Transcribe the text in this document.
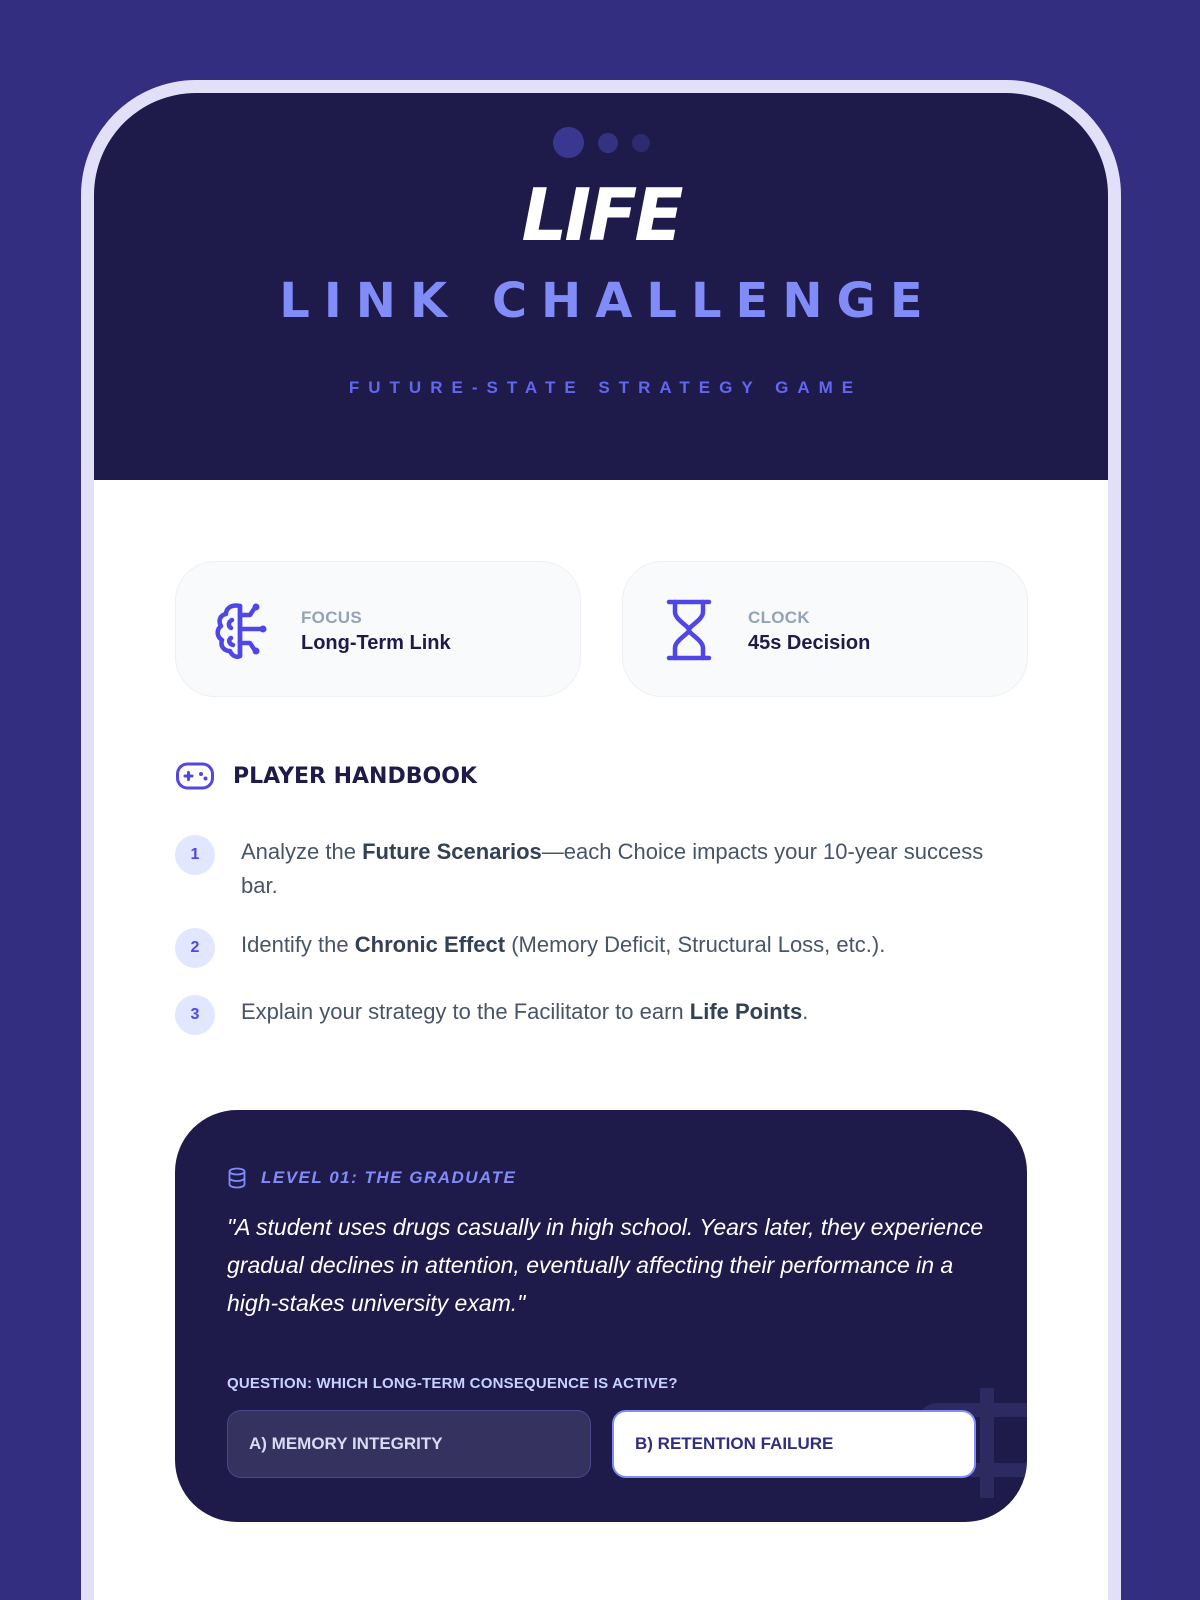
LIFE
LINK CHALLENGE
FUTURE-STATE STRATEGY GAME
FOCUS
Long-Term Link
CLOCK
45s Decision
PLAYER HANDBOOK
1	Analyze the Future Scenarios—each Choice impacts your 10-year success bar.
2	Identify the Chronic Effect (Memory Deficit, Structural Loss, etc.).
3	Explain your strategy to the Facilitator to earn Life Points.
LEVEL 01: THE GRADUATE
"A student uses drugs casually in high school. Years later, they experience gradual declines in attention, eventually affecting their performance in a high-stakes university exam."
QUESTION: WHICH LONG-TERM CONSEQUENCE IS ACTIVE?
A) MEMORY INTEGRITY	B) RETENTION FAILURE
